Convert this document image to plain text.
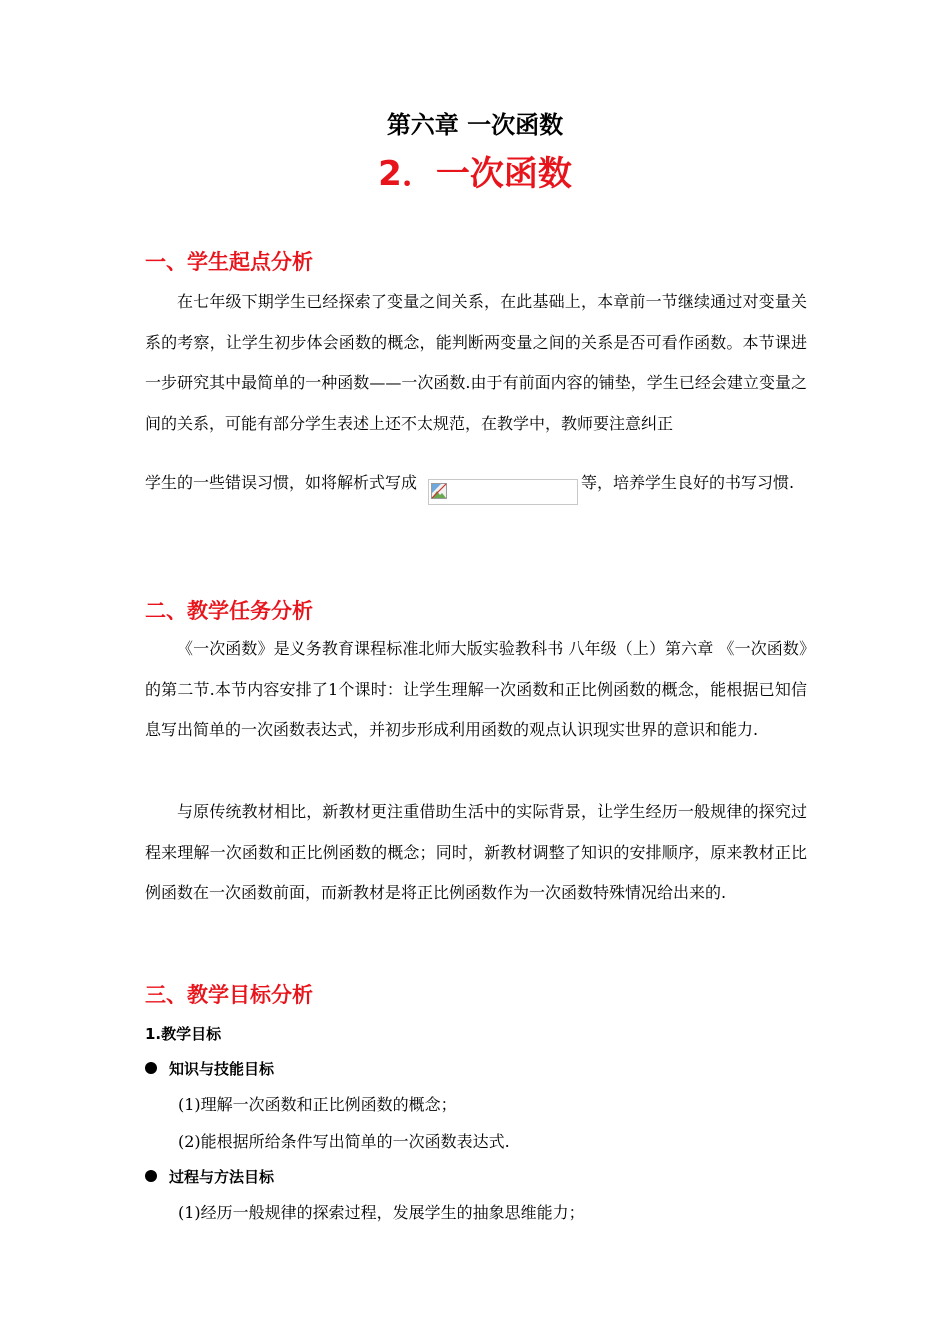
第六章 一次函数
2．一次函数
一、学生起点分析

在七年级下期学生已经探索了变量之间关系，在此基础上，本章前一节继续通过对变量关系的考察，让学生初步体会函数的概念，能判断两变量之间的关系是否可看作函数。本节课进一步研究其中最简单的一种函数——一次函数.由于有前面内容的铺垫，学生已经会建立变量之间的关系，可能有部分学生表述上还不太规范，在教学中，教师要注意纠正

学生的一些错误习惯，如将解析式写成	等，培养学生良好的书写习惯.

二、教学任务分析

《一次函数》是义务教育课程标准北师大版实验教科书 八年级（上）第六章 《一次函数》的第二节.本节内容安排了1个课时：让学生理解一次函数和正比例函数的概念，能根据已知信息写出简单的一次函数表达式，并初步形成利用函数的观点认识现实世界的意识和能力.

与原传统教材相比，新教材更注重借助生活中的实际背景，让学生经历一般规律的探究过程来理解一次函数和正比例函数的概念；同时，新教材调整了知识的安排顺序，原来教材正比例函数在一次函数前面，而新教材是将正比例函数作为一次函数特殊情况给出来的.

三、教学目标分析

1.教学目标

知识与技能目标

(1)理解一次函数和正比例函数的概念；

(2)能根据所给条件写出简单的一次函数表达式.

过程与方法目标

(1)经历一般规律的探索过程，发展学生的抽象思维能力；
